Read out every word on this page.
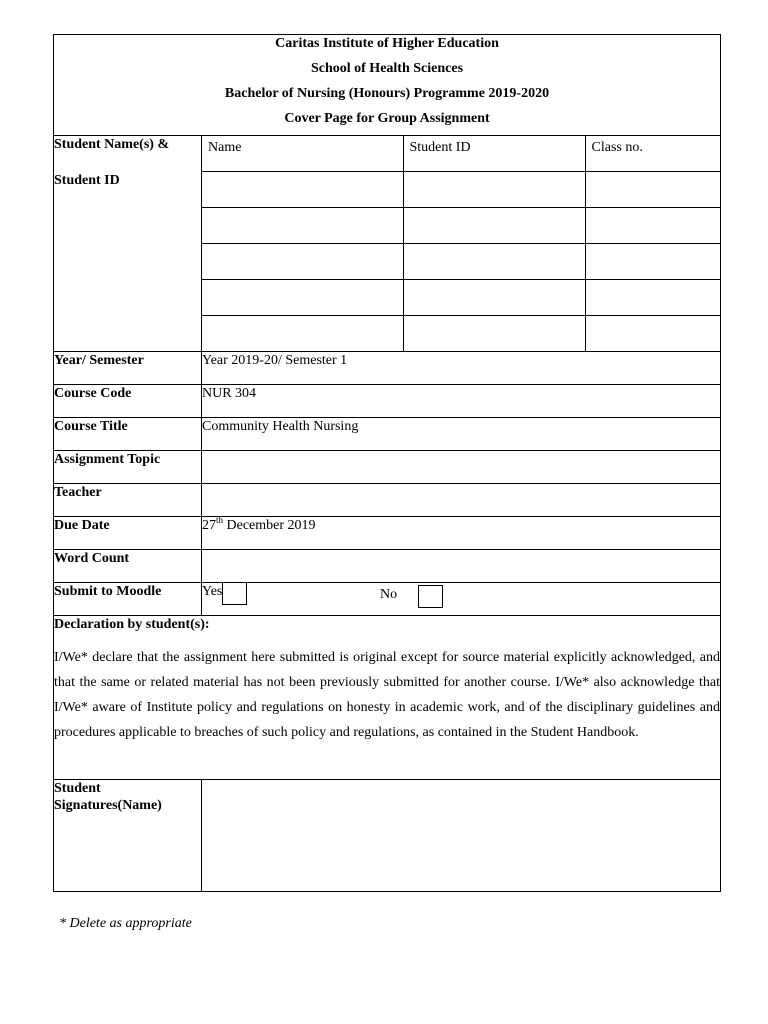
Caritas Institute of Higher Education
School of Health Sciences
Bachelor of Nursing (Honours) Programme 2019-2020
Cover Page for Group Assignment

Student Name(s) &
Student ID

Name	Student ID	Class no.

Year/ Semester	Year 2019-20/ Semester 1
Course Code	NUR 304
Course Title	Community Health Nursing
Assignment Topic	
Teacher	
Due Date	27th December 2019
Word Count	
Submit to Moodle	Yes	No

Declaration by student(s):

I/We* declare that the assignment here submitted is original except for source material explicitly acknowledged, and that the same or related material has not been previously submitted for another course. I/We* also acknowledge that I/We* aware of Institute policy and regulations on honesty in academic work, and of the disciplinary guidelines and procedures applicable to breaches of such policy and regulations, as contained in the Student Handbook.

Student
Signatures(Name)

* Delete as appropriate
